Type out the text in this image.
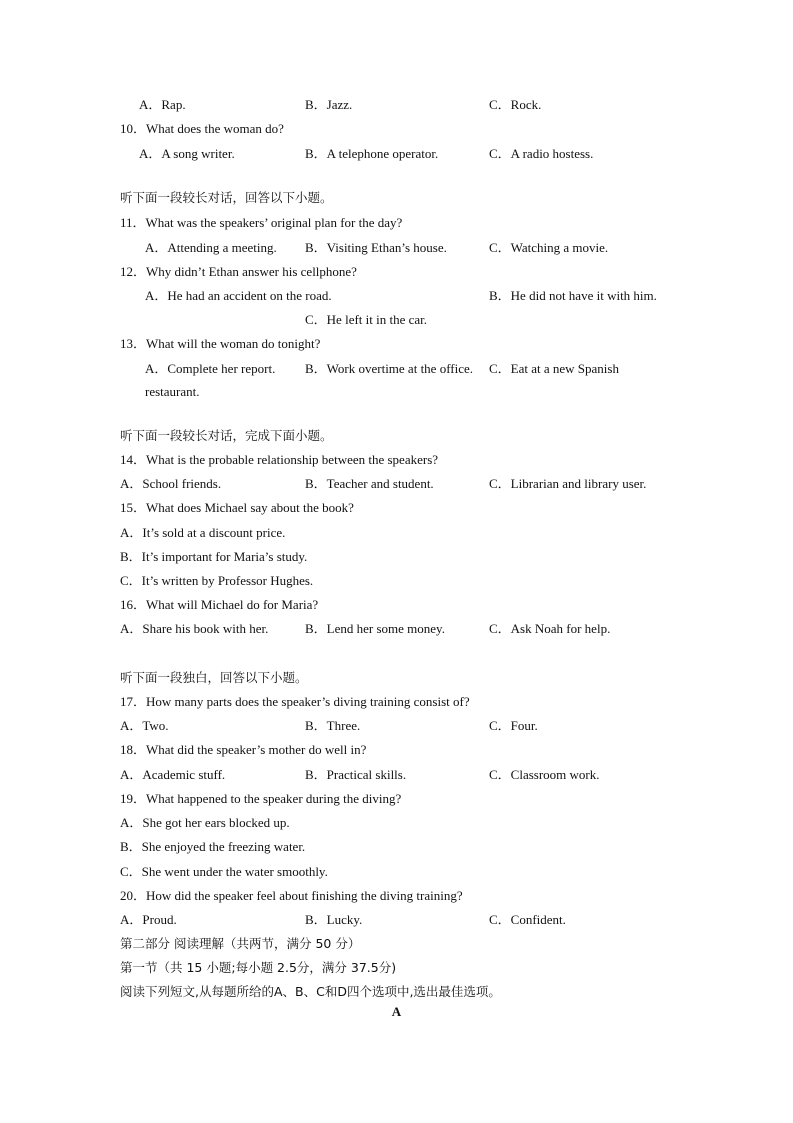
A．Rap.	B．Jazz.	C．Rock.
10．What does the woman do?
A．A song writer.	B．A telephone operator.	C．A radio hostess.
听下面一段较长对话，回答以下小题。
11．What was the speakers’ original plan for the day?
A．Attending a meeting. B．Visiting Ethan’s house.	C．Watching a movie.
12．Why didn’t Ethan answer his cellphone?
A．He had an accident on the road.	B．He did not have it with him.
C．He left it in the car.
13．What will the woman do tonight?
A．Complete her report. B．Work overtime at the office. C．Eat at a new Spanish
restaurant.
听下面一段较长对话，完成下面小题。
14．What is the probable relationship between the speakers?
A．School friends.	B．Teacher and student.	C．Librarian and library user.
15．What does Michael say about the book?
A．It’s sold at a discount price.
B．It’s important for Maria’s study.
C．It’s written by Professor Hughes.
16．What will Michael do for Maria?
A．Share his book with her.	B．Lend her some money.	C．Ask Noah for help.
听下面一段独白，回答以下小题。
17．How many parts does the speaker’s diving training consist of?
A．Two.	B．Three.	C．Four.
18．What did the speaker’s mother do well in?
A．Academic stuff.	B．Practical skills.	C．Classroom work.
19．What happened to the speaker during the diving?
A．She got her ears blocked up.
B．She enjoyed the freezing water.
C．She went under the water smoothly.
20．How did the speaker feel about finishing the diving training?
A．Proud.	B．Lucky.	C．Confident.
第二部分 阅读理解（共两节，满分 50 分）
第一节（共 15 小题;每小题 2.5分，满分 37.5分)
阅读下列短文,从每题所给的A、B、C和D四个选项中,选出最佳选项。
A
